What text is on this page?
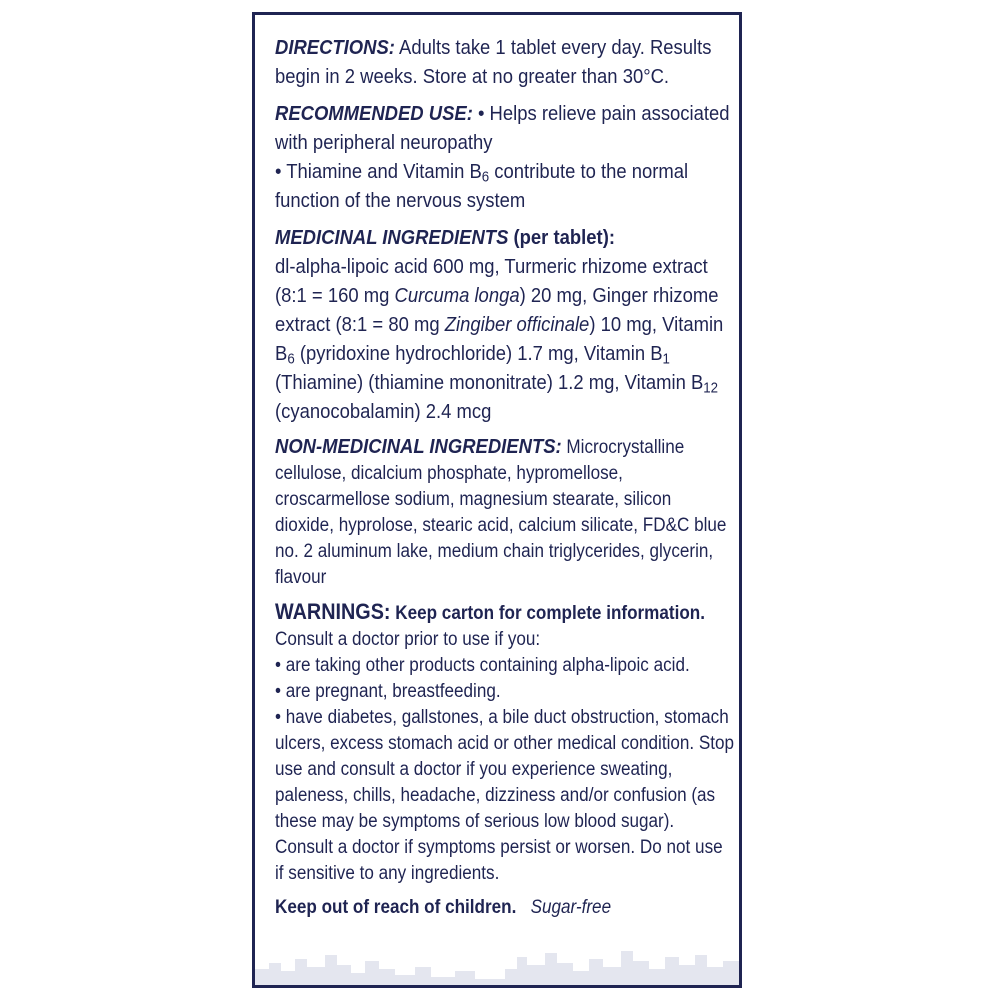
DIRECTIONS: Adults take 1 tablet every day. Results begin in 2 weeks. Store at no greater than 30°C.

RECOMMENDED USE: • Helps relieve pain associated with peripheral neuropathy
• Thiamine and Vitamin $B_6$ contribute to the normal function of the nervous system

MEDICINAL INGREDIENTS (per tablet):
dl-alpha-lipoic acid 600 mg, Turmeric rhizome extract (8:1 = 160 mg Curcuma longa) 20 mg, Ginger rhizome extract (8:1 = 80 mg Zingiber officinale) 10 mg, Vitamin $B_6$ (pyridoxine hydrochloride) 1.7 mg, Vitamin $B_1$ (Thiamine) (thiamine mononitrate) 1.2 mg, Vitamin $B_{12}$ (cyanocobalamin) 2.4 mcg

NON-MEDICINAL INGREDIENTS: Microcrystalline cellulose, dicalcium phosphate, hypromellose, croscarmellose sodium, magnesium stearate, silicon dioxide, hyprolose, stearic acid, calcium silicate, FD&C blue no. 2 aluminum lake, medium chain triglycerides, glycerin, flavour

WARNINGS: Keep carton for complete information.
Consult a doctor prior to use if you:
• are taking other products containing alpha-lipoic acid.
• are pregnant, breastfeeding.
• have diabetes, gallstones, a bile duct obstruction, stomach ulcers, excess stomach acid or other medical condition. Stop use and consult a doctor if you experience sweating, paleness, chills, headache, dizziness and/or confusion (as these may be symptoms of serious low blood sugar). Consult a doctor if symptoms persist or worsen. Do not use if sensitive to any ingredients.

Keep out of reach of children. Sugar-free
